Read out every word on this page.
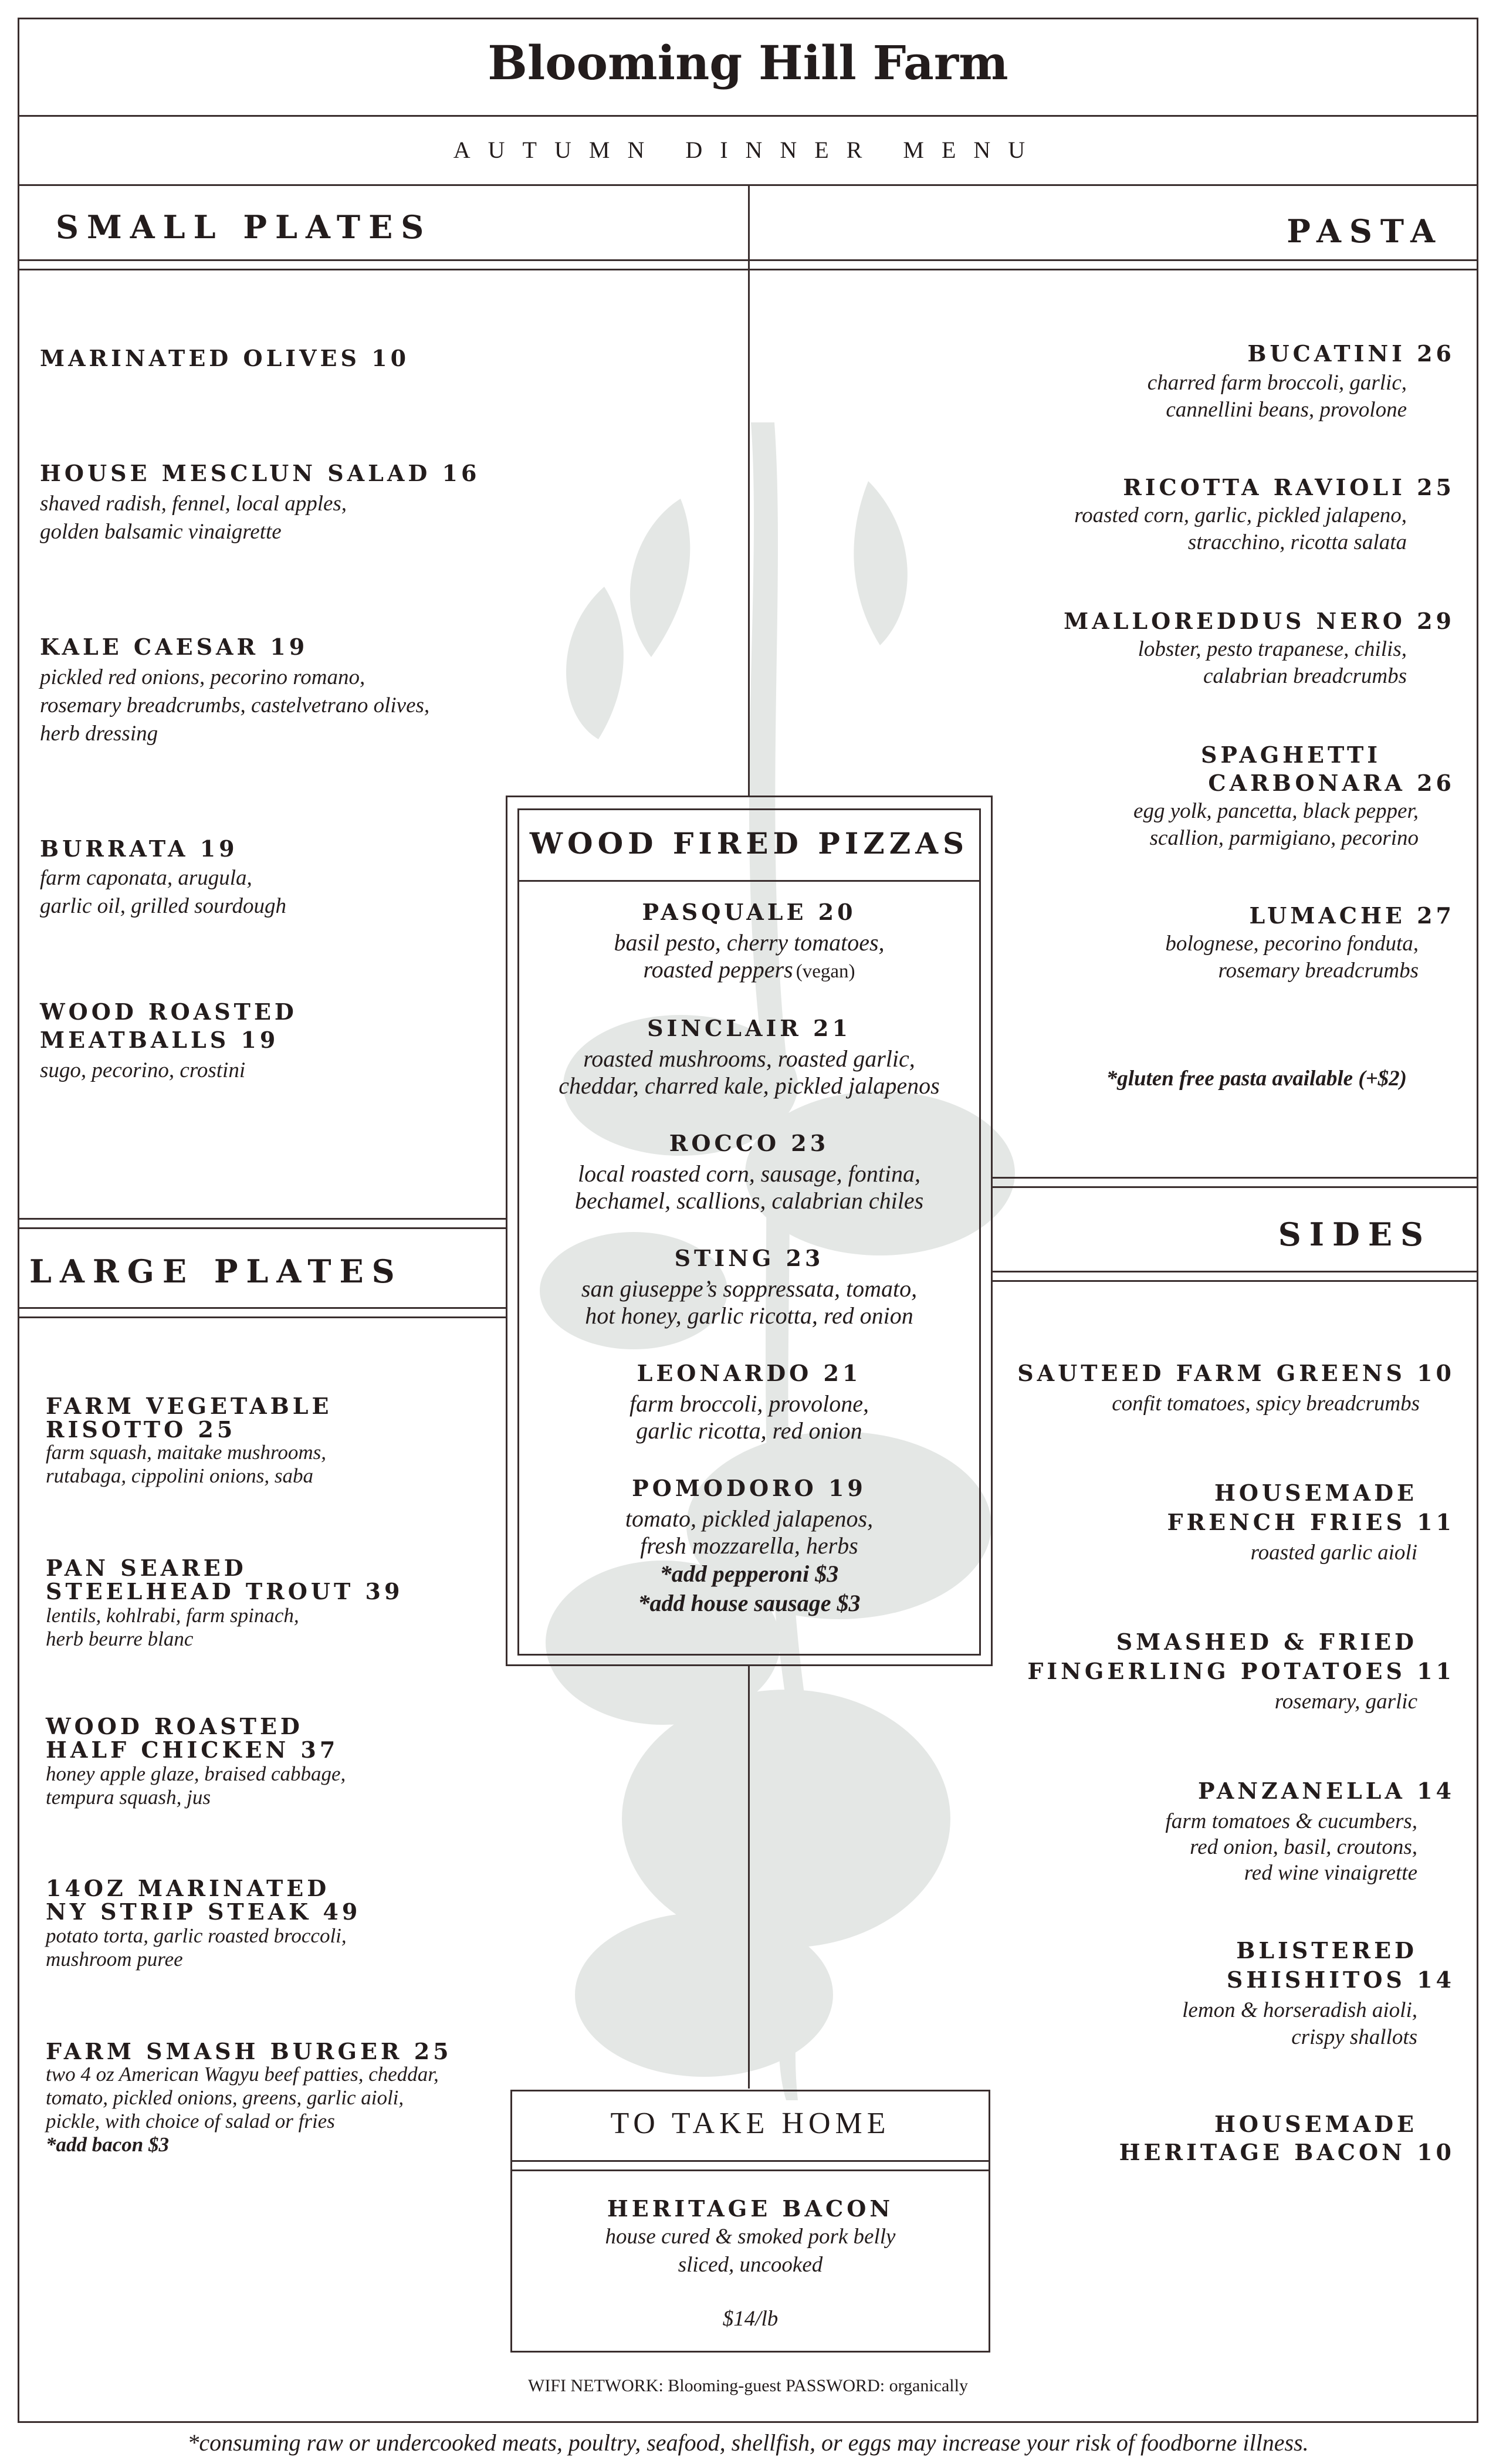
Blooming Hill Farm
AUTUMN DINNER MENU
SMALL PLATES
MARINATED OLIVES 10
HOUSE MESCLUN SALAD 16
shaved radish, fennel, local apples,
golden balsamic vinaigrette
KALE CAESAR 19
pickled red onions, pecorino romano,
rosemary breadcrumbs, castelvetrano olives,
herb dressing
BURRATA 19
farm caponata, arugula,
garlic oil, grilled sourdough
WOOD ROASTED
MEATBALLS 19
sugo, pecorino, crostini
PASTA
BUCATINI 26
charred farm broccoli, garlic,
cannellini beans, provolone
RICOTTA RAVIOLI 25
roasted corn, garlic, pickled jalapeno,
stracchino, ricotta salata
MALLOREDDUS NERO 29
lobster, pesto trapanese, chilis,
calabrian breadcrumbs
SPAGHETTI
CARBONARA 26
egg yolk, pancetta, black pepper,
scallion, parmigiano, pecorino
LUMACHE 27
bolognese, pecorino fonduta,
rosemary breadcrumbs
*gluten free pasta available (+$2)
WOOD FIRED PIZZAS
PASQUALE 20
basil pesto, cherry tomatoes,
roasted peppers (vegan)
SINCLAIR 21
roasted mushrooms, roasted garlic,
cheddar, charred kale, pickled jalapenos
ROCCO 23
local roasted corn, sausage, fontina,
bechamel, scallions, calabrian chiles
STING 23
san giuseppe’s soppressata, tomato,
hot honey, garlic ricotta, red onion
LEONARDO 21
farm broccoli, provolone,
garlic ricotta, red onion
POMODORO 19
tomato, pickled jalapenos,
fresh mozzarella, herbs
*add pepperoni $3
*add house sausage $3
LARGE PLATES
FARM VEGETABLE
RISOTTO 25
farm squash, maitake mushrooms,
rutabaga, cippolini onions, saba
PAN SEARED
STEELHEAD TROUT 39
lentils, kohlrabi, farm spinach,
herb beurre blanc
WOOD ROASTED
HALF CHICKEN 37
honey apple glaze, braised cabbage,
tempura squash, jus
14OZ MARINATED
NY STRIP STEAK 49
potato torta, garlic roasted broccoli,
mushroom puree
FARM SMASH BURGER 25
two 4 oz American Wagyu beef patties, cheddar,
tomato, pickled onions, greens, garlic aioli,
pickle, with choice of salad or fries
*add bacon $3
SIDES
SAUTEED FARM GREENS 10
confit tomatoes, spicy breadcrumbs
HOUSEMADE
FRENCH FRIES 11
roasted garlic aioli
SMASHED & FRIED
FINGERLING POTATOES 11
rosemary, garlic
PANZANELLA 14
farm tomatoes & cucumbers,
red onion, basil, croutons,
red wine vinaigrette
BLISTERED
SHISHITOS 14
lemon & horseradish aioli,
crispy shallots
HOUSEMADE
HERITAGE BACON 10
TO TAKE HOME
HERITAGE BACON
house cured & smoked pork belly
sliced, uncooked
$14/lb
WIFI NETWORK: Blooming-guest PASSWORD: organically
*consuming raw or undercooked meats, poultry, seafood, shellfish, or eggs may increase your risk of foodborne illness.
